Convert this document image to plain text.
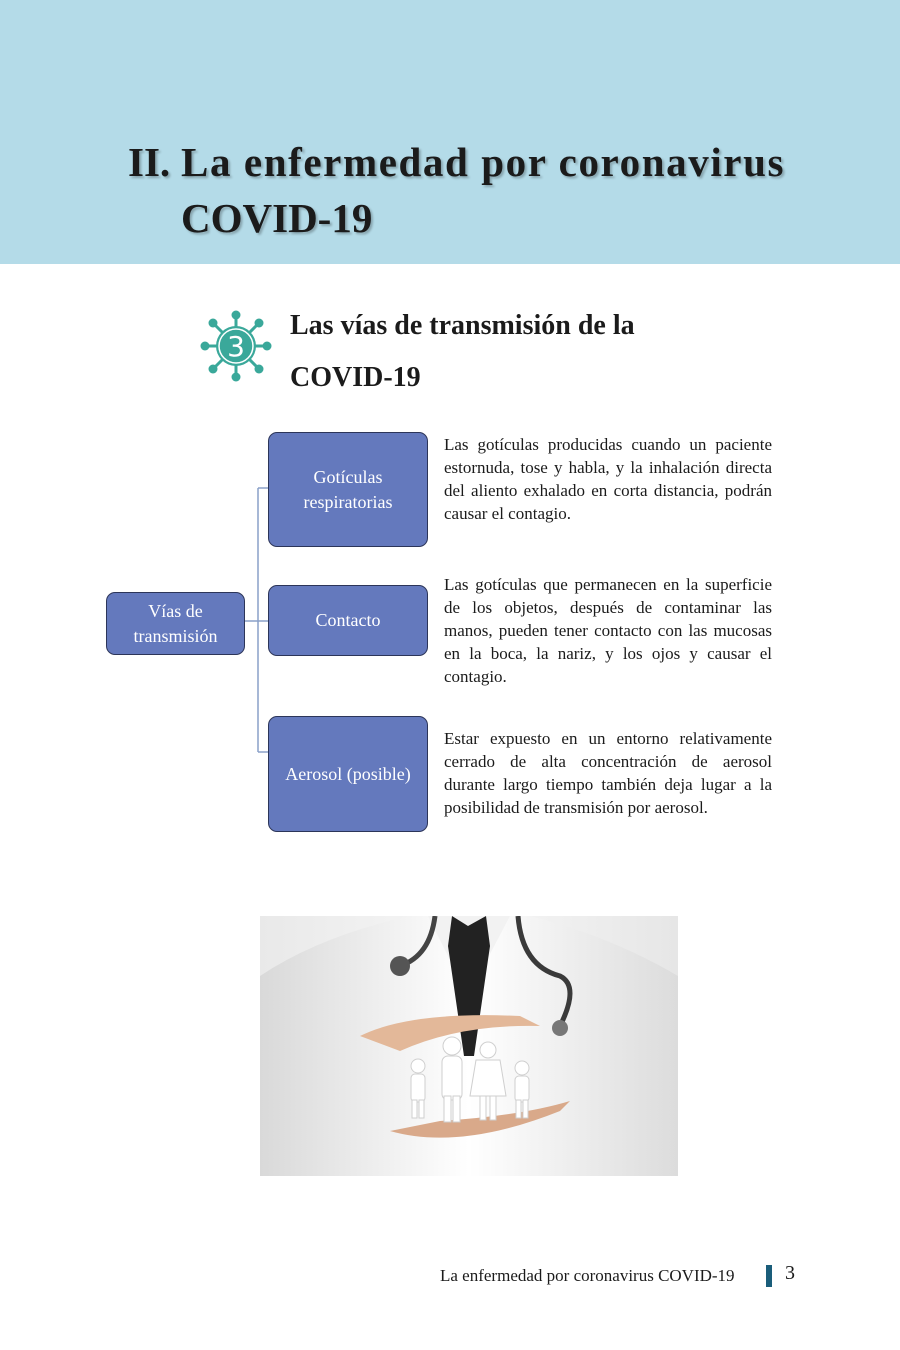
II. La enfermedad por coronavirus
COVID-19
3
Las vías de transmisión de la
COVID-19
Vías de
transmisión
Gotículas
respiratorias
Las gotículas producidas cuando un paciente estornuda, tose y habla, y la inhalación directa del aliento exhalado en corta distancia, podrán causar el contagio.
Contacto
Las gotículas que permanecen en la superficie de los objetos, después de contaminar las manos, pueden tener contacto con las mucosas en la boca, la nariz, y los ojos y causar el contagio.
Aerosol (posible)
Estar expuesto en un entorno relativamente cerrado de alta concentración de aerosol durante largo tiempo también deja lugar a la posibilidad de transmisión por aerosol.
La enfermedad por coronavirus COVID-19	3
